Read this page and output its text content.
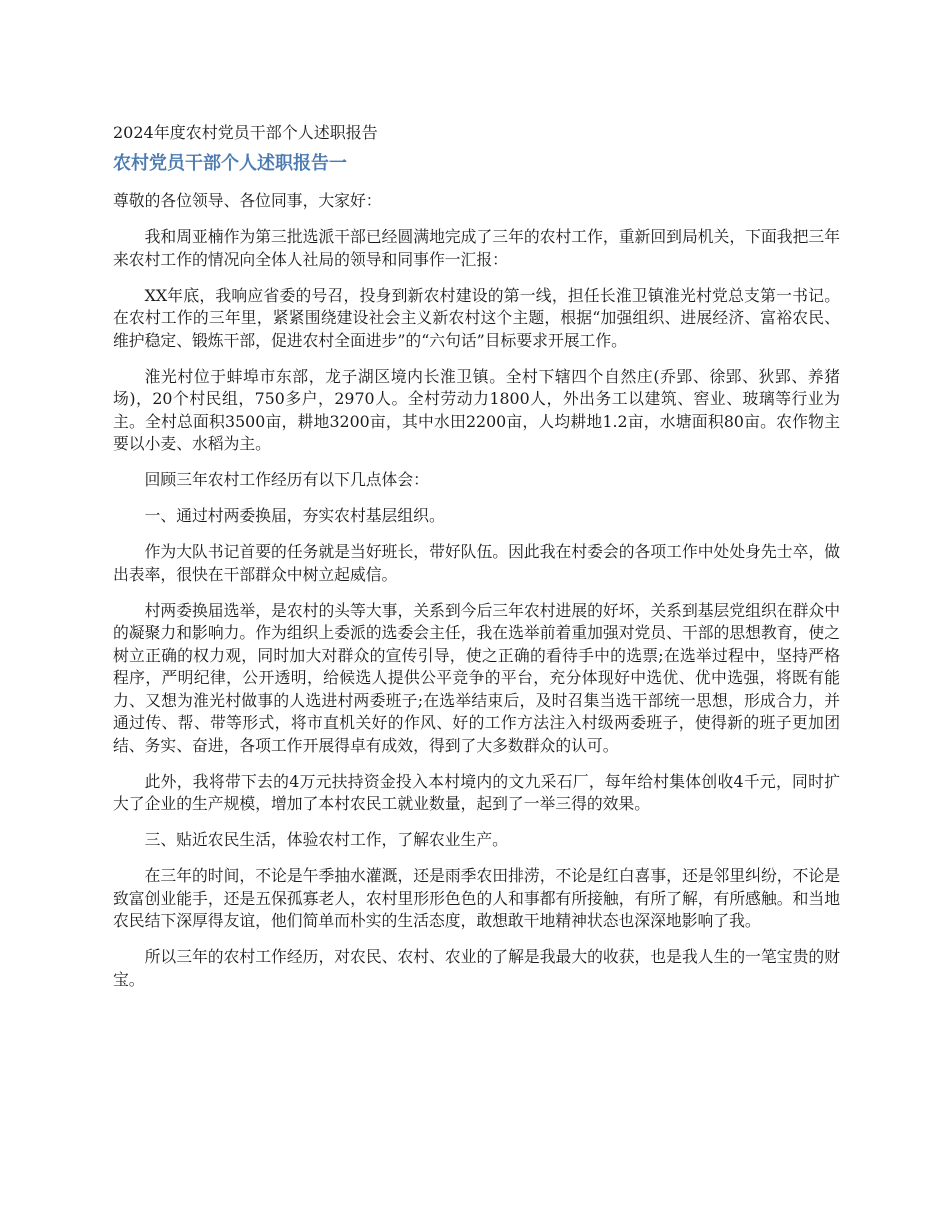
2024年度农村党员干部个人述职报告
农村党员干部个人述职报告一

尊敬的各位领导、各位同事，大家好：

我和周亚楠作为第三批选派干部已经圆满地完成了三年的农村工作，重新回到局机关，下面我把三年来农村工作的情况向全体人社局的领导和同事作一汇报：

XX年底，我响应省委的号召，投身到新农村建设的第一线，担任长淮卫镇淮光村党总支第一书记。在农村工作的三年里，紧紧围绕建设社会主义新农村这个主题，根据“加强组织、进展经济、富裕农民、维护稳定、锻炼干部，促进农村全面进步”的“六句话”目标要求开展工作。

淮光村位于蚌埠市东部，龙子湖区境内长淮卫镇。全村下辖四个自然庄(乔郢、徐郢、狄郢、养猪场)，20个村民组，750多户，2970人。全村劳动力1800人，外出务工以建筑、窖业、玻璃等行业为主。全村总面积3500亩，耕地3200亩，其中水田2200亩，人均耕地1.2亩，水塘面积80亩。农作物主要以小麦、水稻为主。

回顾三年农村工作经历有以下几点体会：

一、通过村两委换届，夯实农村基层组织。

作为大队书记首要的任务就是当好班长，带好队伍。因此我在村委会的各项工作中处处身先士卒，做出表率，很快在干部群众中树立起威信。

村两委换届选举，是农村的头等大事，关系到今后三年农村进展的好坏，关系到基层党组织在群众中的凝聚力和影响力。作为组织上委派的选委会主任，我在选举前着重加强对党员、干部的思想教育，使之树立正确的权力观，同时加大对群众的宣传引导，使之正确的看待手中的选票;在选举过程中，坚持严格程序，严明纪律，公开透明，给候选人提供公平竞争的平台，充分体现好中选优、优中选强，将既有能力、又想为淮光村做事的人选进村两委班子;在选举结束后，及时召集当选干部统一思想，形成合力，并通过传、帮、带等形式，将市直机关好的作风、好的工作方法注入村级两委班子，使得新的班子更加团结、务实、奋进，各项工作开展得卓有成效，得到了大多数群众的认可。

此外，我将带下去的4万元扶持资金投入本村境内的文九采石厂，每年给村集体创收4千元，同时扩大了企业的生产规模，增加了本村农民工就业数量，起到了一举三得的效果。

三、贴近农民生活，体验农村工作，了解农业生产。

在三年的时间，不论是午季抽水灌溉，还是雨季农田排涝，不论是红白喜事，还是邻里纠纷，不论是致富创业能手，还是五保孤寡老人，农村里形形色色的人和事都有所接触，有所了解，有所感触。和当地农民结下深厚得友谊，他们简单而朴实的生活态度，敢想敢干地精神状态也深深地影响了我。

所以三年的农村工作经历，对农民、农村、农业的了解是我最大的收获，也是我人生的一笔宝贵的财宝。
